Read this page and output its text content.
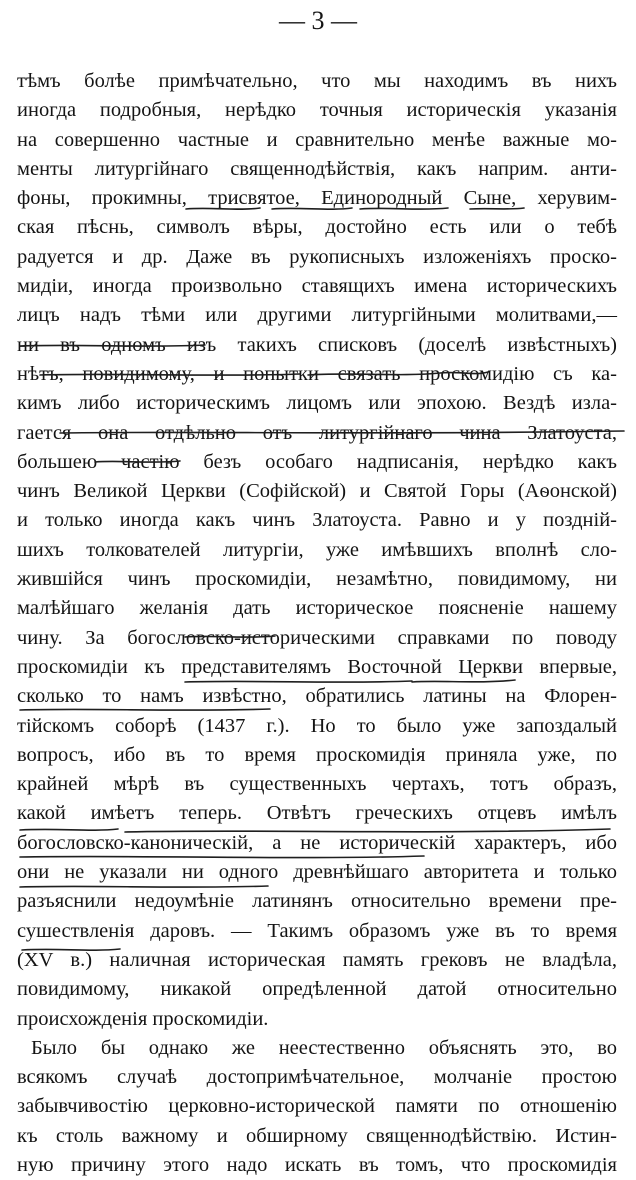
— 3 —
тѣмъ болѣе примѣчательно, что мы находимъ въ нихъ
иногда подробныя, нерѣдко точныя историческія указанія
на совершенно частные и сравнительно менѣе важные мо-
менты литургійнаго священнодѣйствія, какъ наприм. анти-
фоны, прокимны, трисвятое, Единородный Сыне, херувим-
ская пѣснь, символъ вѣры, достойно есть или о тебѣ
радуется и др. Даже въ рукописныхъ изложеніяхъ проско-
мидіи, иногда произвольно ставящихъ имена историческихъ
лицъ надъ тѣми или другими литургійными молитвами,—
ни въ одномъ изъ такихъ списковъ (доселѣ извѣстныхъ)
нѣтъ, повидимому, и попытки связать проскомидію съ ка-
кимъ либо историческимъ лицомъ или эпохою. Вездѣ изла-
гается она отдѣльно отъ литургійнаго чина Златоуста,
большею частію безъ особаго надписанія, нерѣдко какъ
чинъ Великой Церкви (Софійской) и Святой Горы (Аѳонской)
и только иногда какъ чинъ Златоуста. Равно и у поздній-
шихъ толкователей литургіи, уже имѣвшихъ вполнѣ сло-
жившійся чинъ проскомидіи, незамѣтно, повидимому, ни
малѣйшаго желанія дать историческое поясненіе нашему
чину. За богословско-историческими справками по поводу
проскомидіи къ представителямъ Восточной Церкви впервые,
сколько то намъ извѣстно, обратились латины на Флорен-
тійскомъ соборѣ (1437 г.). Но то было уже запоздалый
вопросъ, ибо въ то время проскомидія приняла уже, по
крайней мѣрѣ въ существенныхъ чертахъ, тотъ образъ,
какой имѣетъ теперь. Отвѣтъ греческихъ отцевъ имѣлъ
богословско-каноническій, а не историческій характеръ, ибо
они не указали ни одного древнѣйшаго авторитета и только
разъяснили недоумѣніе латинянъ относительно времени пре-
сушествленія даровъ. — Такимъ образомъ уже въ то время
(XV в.) наличная историческая память грековъ не владѣла,
повидимому, никакой опредѣленной датой относительно
происхожденія проскомидіи.
Было бы однако же неестественно объяснять это, во
всякомъ случаѣ достопримѣчательное, молчаніе простою
забывчивостію церковно-исторической памяти по отношенію
къ столь важному и обширному священнодѣйствію. Истин-
ную причину этого надо искать въ томъ, что проскомидія
